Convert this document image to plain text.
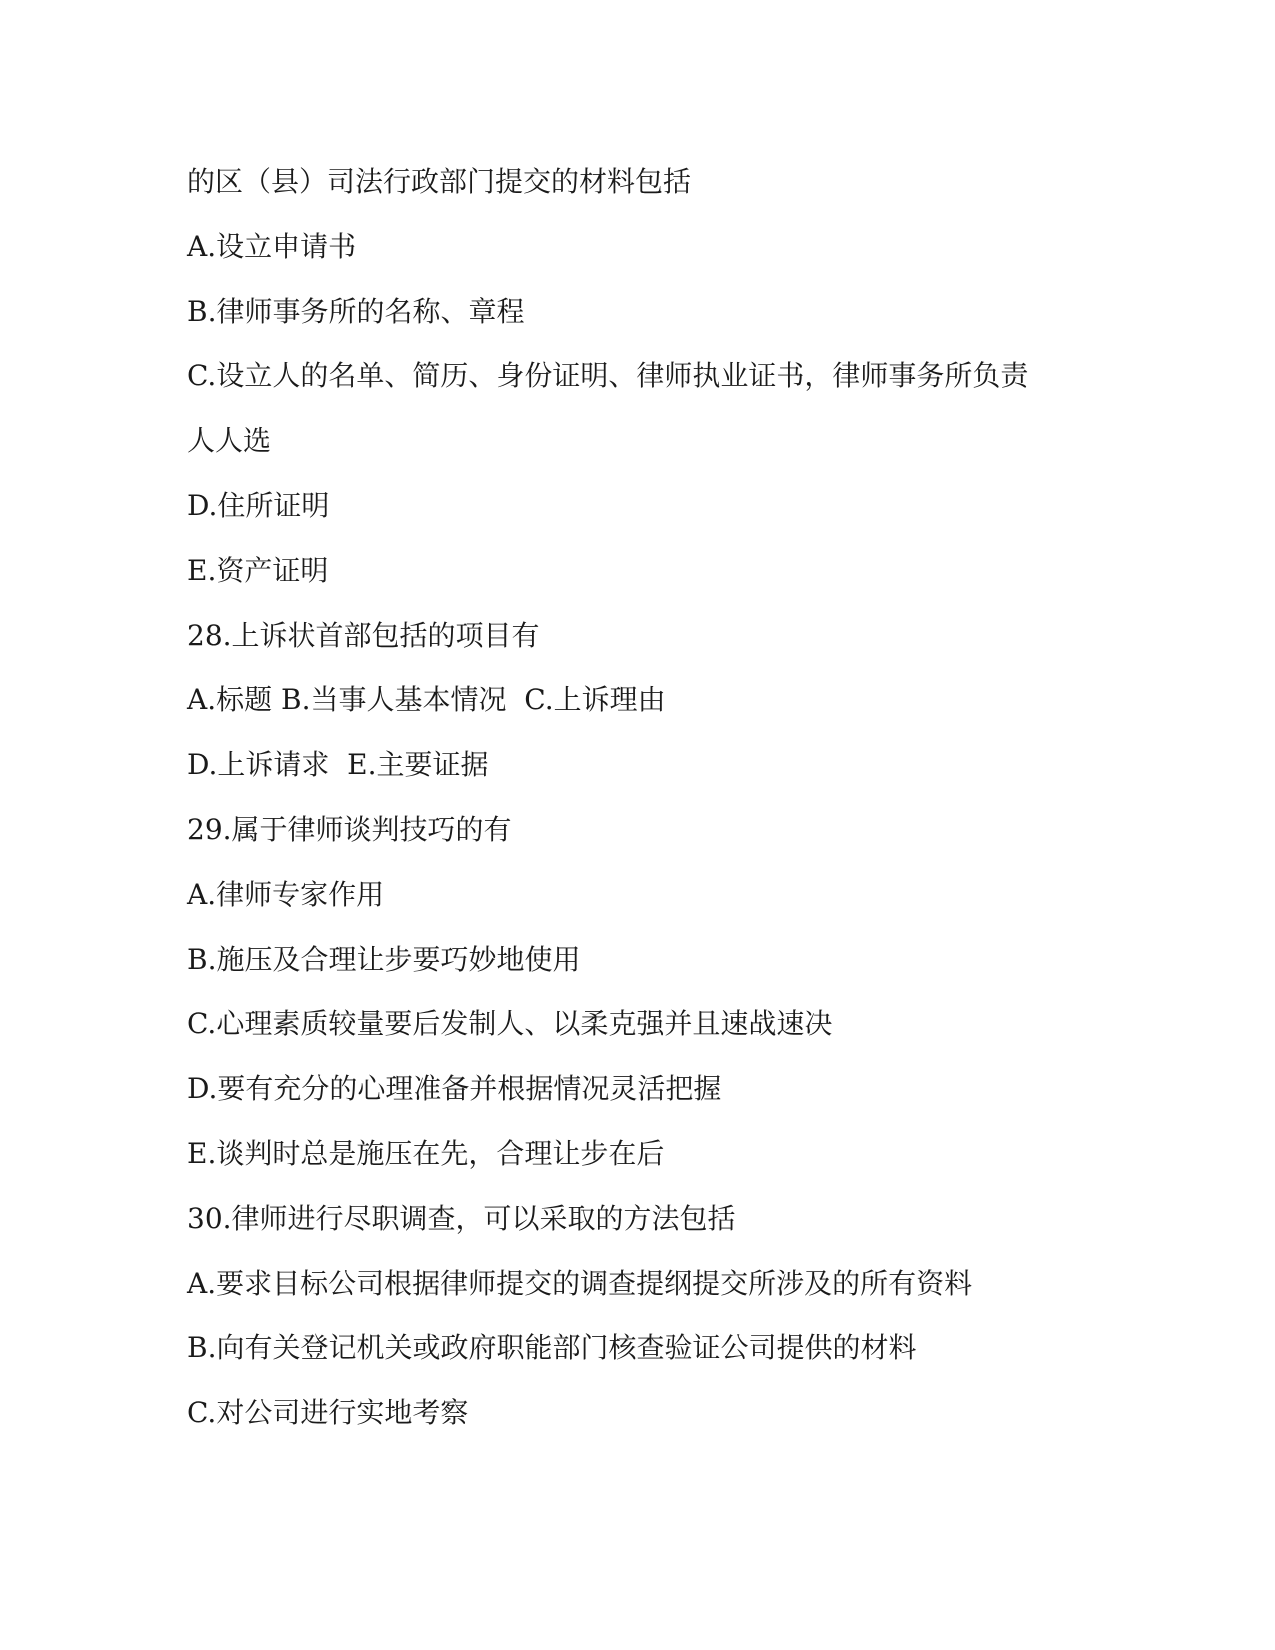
的区（县）司法行政部门提交的材料包括
A.设立申请书
B.律师事务所的名称、章程
C.设立人的名单、简历、身份证明、律师执业证书，律师事务所负责
人人选
D.住所证明
E.资产证明
28.上诉状首部包括的项目有
A.标题 B.当事人基本情况  C.上诉理由
D.上诉请求  E.主要证据
29.属于律师谈判技巧的有
A.律师专家作用
B.施压及合理让步要巧妙地使用
C.心理素质较量要后发制人、以柔克强并且速战速决
D.要有充分的心理准备并根据情况灵活把握
E.谈判时总是施压在先，合理让步在后
30.律师进行尽职调查，可以采取的方法包括
A.要求目标公司根据律师提交的调查提纲提交所涉及的所有资料
B.向有关登记机关或政府职能部门核查验证公司提供的材料
C.对公司进行实地考察
